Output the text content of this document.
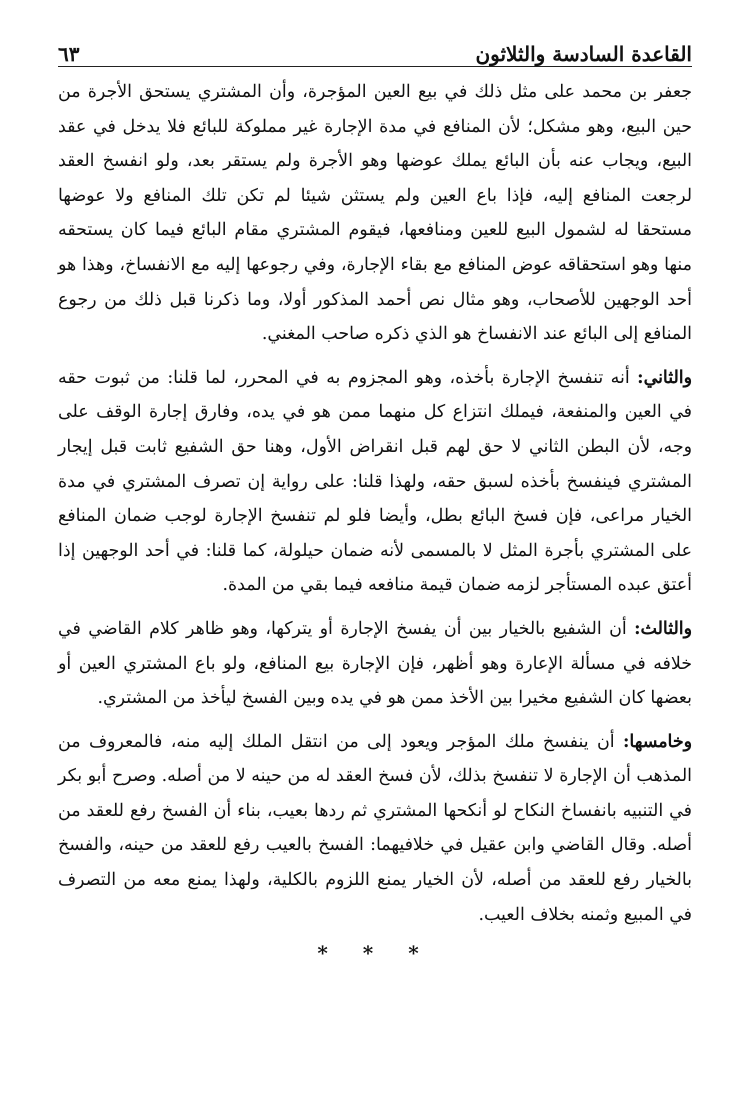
القاعدة السادسة والثلاثون
٦٣

جعفر بن محمد على مثل ذلك في بيع العين المؤجرة، وأن المشتري يستحق الأجرة من حين البيع، وهو مشكل؛ لأن المنافع في مدة الإجارة غير مملوكة للبائع فلا يدخل في عقد البيع، ويجاب عنه بأن البائع يملك عوضها وهو الأجرة ولم يستقر بعد، ولو انفسخ العقد لرجعت المنافع إليه، فإذا باع العين ولم يستثن شيئا لم تكن تلك المنافع ولا عوضها مستحقا له لشمول البيع للعين ومنافعها، فيقوم المشتري مقام البائع فيما كان يستحقه منها وهو استحقاقه عوض المنافع مع بقاء الإجارة، وفي رجوعها إليه مع الانفساخ، وهذا هو أحد الوجهين للأصحاب، وهو مثال نص أحمد المذكور أولا، وما ذكرنا قبل ذلك من رجوع المنافع إلى البائع عند الانفساخ هو الذي ذكره صاحب المغني.

والثاني: أنه تنفسخ الإجارة بأخذه، وهو المجزوم به في المحرر، لما قلنا: من ثبوت حقه في العين والمنفعة، فيملك انتزاع كل منهما ممن هو في يده، وفارق إجارة الوقف على وجه، لأن البطن الثاني لا حق لهم قبل انقراض الأول، وهنا حق الشفيع ثابت قبل إيجار المشتري فينفسخ بأخذه لسبق حقه، ولهذا قلنا: على رواية إن تصرف المشتري في مدة الخيار مراعى، فإن فسخ البائع بطل، وأيضا فلو لم تنفسخ الإجارة لوجب ضمان المنافع على المشتري بأجرة المثل لا بالمسمى لأنه ضمان حيلولة، كما قلنا: في أحد الوجهين إذا أعتق عبده المستأجر لزمه ضمان قيمة منافعه فيما بقي من المدة.

والثالث: أن الشفيع بالخيار بين أن يفسخ الإجارة أو يتركها، وهو ظاهر كلام القاضي في خلافه في مسألة الإعارة وهو أظهر، فإن الإجارة بيع المنافع، ولو باع المشتري العين أو بعضها كان الشفيع مخيرا بين الأخذ ممن هو في يده وبين الفسخ ليأخذ من المشتري.

وخامسها: أن ينفسخ ملك المؤجر ويعود إلى من انتقل الملك إليه منه، فالمعروف من المذهب أن الإجارة لا تنفسخ بذلك، لأن فسخ العقد له من حينه لا من أصله. وصرح أبو بكر في التنبيه بانفساخ النكاح لو أنكحها المشتري ثم ردها بعيب، بناء أن الفسخ رفع للعقد من أصله. وقال القاضي وابن عقيل في خلافيهما: الفسخ بالعيب رفع للعقد من حينه، والفسخ بالخيار رفع للعقد من أصله، لأن الخيار يمنع اللزوم بالكلية، ولهذا يمنع معه من التصرف في المبيع وثمنه بخلاف العيب.

* * *
